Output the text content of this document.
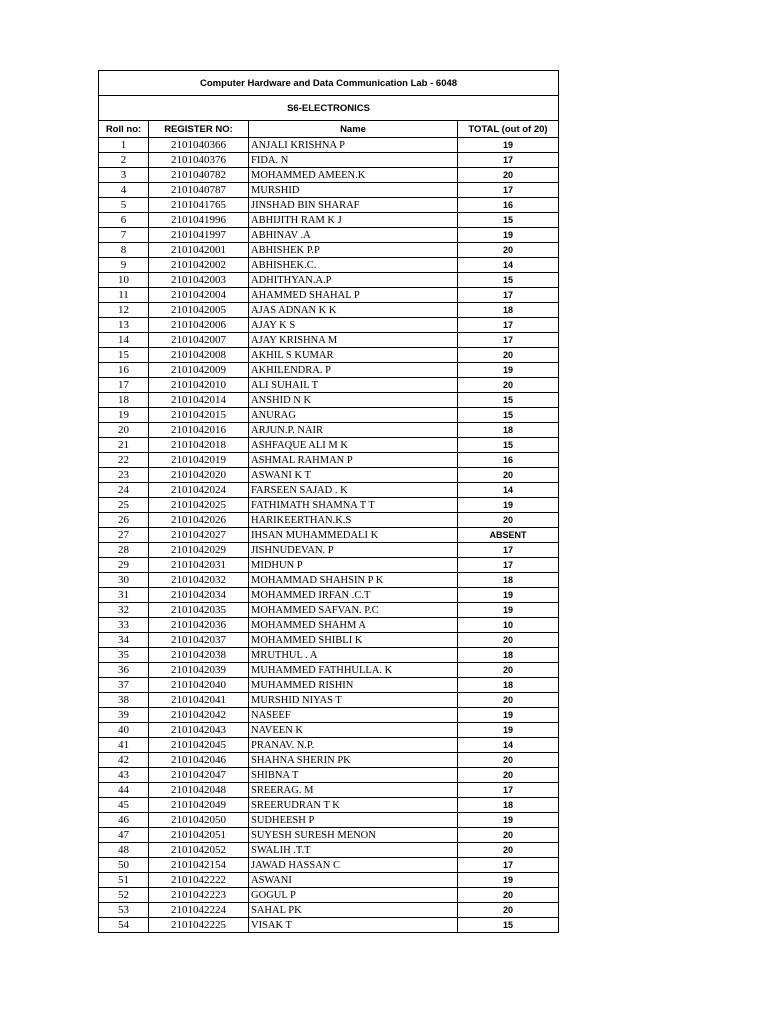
Computer Hardware and Data Communication Lab - 6048			
S6-ELECTRONICS			
Roll no:	REGISTER NO:	Name	TOTAL (out of 20)
1	2101040366	ANJALI KRISHNA P	19
2	2101040376	FIDA. N	17
3	2101040782	MOHAMMED AMEEN.K	20
4	2101040787	MURSHID	17
5	2101041765	JINSHAD BIN SHARAF	16
6	2101041996	ABHIJITH RAM K J	15
7	2101041997	ABHINAV .A	19
8	2101042001	ABHISHEK P.P	20
9	2101042002	ABHISHEK.C.	14
10	2101042003	ADHITHYAN.A.P	15
11	2101042004	AHAMMED SHAHAL P	17
12	2101042005	AJAS ADNAN K K	18
13	2101042006	AJAY K S	17
14	2101042007	AJAY KRISHNA M	17
15	2101042008	AKHIL S KUMAR	20
16	2101042009	AKHILENDRA. P	19
17	2101042010	ALI SUHAIL T	20
18	2101042014	ANSHID N K	15
19	2101042015	ANURAG	15
20	2101042016	ARJUN.P. NAIR	18
21	2101042018	ASHFAQUE ALI M K	15
22	2101042019	ASHMAL RAHMAN P	16
23	2101042020	ASWANI K T	20
24	2101042024	FARSEEN SAJAD . K	14
25	2101042025	FATHIMATH SHAMNA T T	19
26	2101042026	HARIKEERTHAN.K.S	20
27	2101042027	IHSAN MUHAMMEDALI K	ABSENT
28	2101042029	JISHNUDEVAN. P	17
29	2101042031	MIDHUN P	17
30	2101042032	MOHAMMAD SHAHSIN P K	18
31	2101042034	MOHAMMED IRFAN .C.T	19
32	2101042035	MOHAMMED SAFVAN. P.C	19
33	2101042036	MOHAMMED SHAHM A	10
34	2101042037	MOHAMMED SHIBLI K	20
35	2101042038	MRUTHUL . A	18
36	2101042039	MUHAMMED FATHHULLA. K	20
37	2101042040	MUHAMMED RISHIN	18
38	2101042041	MURSHID NIYAS T	20
39	2101042042	NASEEF	19
40	2101042043	NAVEEN K	19
41	2101042045	PRANAV. N.P.	14
42	2101042046	SHAHNA SHERIN PK	20
43	2101042047	SHIBNA T	20
44	2101042048	SREERAG. M	17
45	2101042049	SREERUDRAN T K	18
46	2101042050	SUDHEESH P	19
47	2101042051	SUYESH SURESH MENON	20
48	2101042052	SWALIH .T.T	20
50	2101042154	JAWAD HASSAN C	17
51	2101042222	ASWANI	19
52	2101042223	GOGUL P	20
53	2101042224	SAHAL PK	20
54	2101042225	VISAK T	15
